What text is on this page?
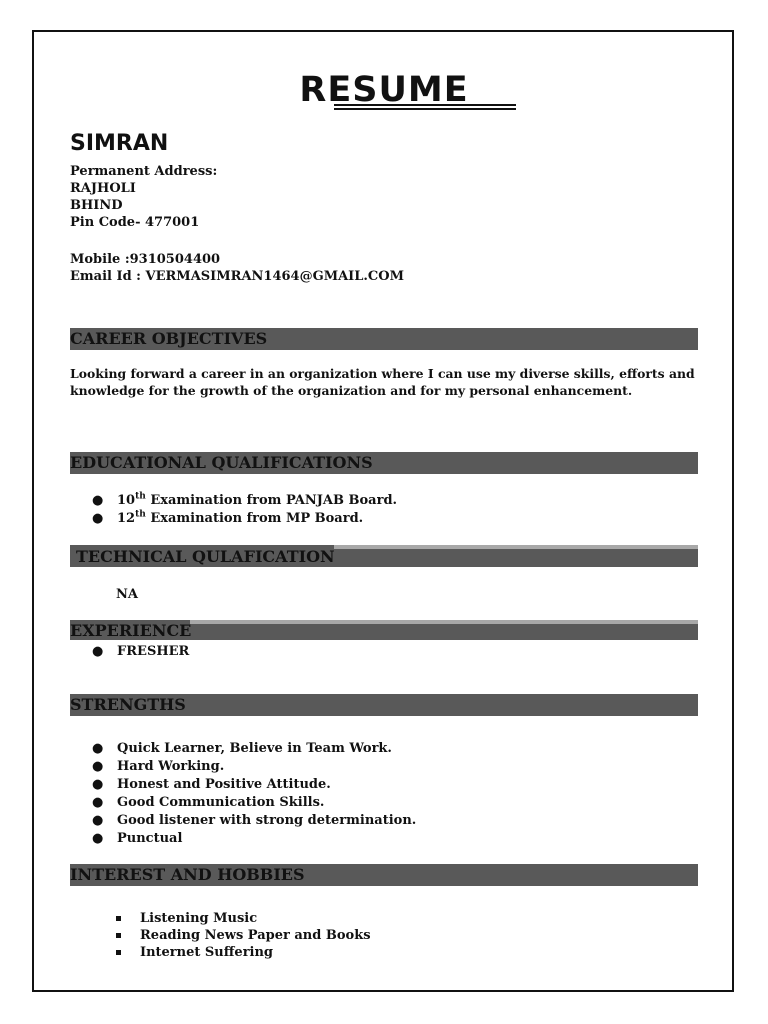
RESUME
SIMRAN
Permanent Address:
RAJHOLI
BHIND
Pin Code- 477001
Mobile :9310504400
Email Id : VERMASIMRAN1464@GMAIL.COM
CAREER OBJECTIVES
Looking forward a career in an organization where I can use my diverse skills, efforts and
knowledge for the growth of the organization and for my personal enhancement.
EDUCATIONAL QUALIFICATIONS
● 10th Examination from PANJAB Board.
● 12th Examination from MP Board.
TECHNICAL QULAFICATION
NA
EXPERIENCE
● FRESHER
STRENGTHS
● Quick Learner, Believe in Team Work.
● Hard Working.
● Honest and Positive Attitude.
● Good Communication Skills.
● Good listener with strong determination.
● Punctual
INTEREST AND HOBBIES
Listening Music
Reading News Paper and Books
Internet Suffering
